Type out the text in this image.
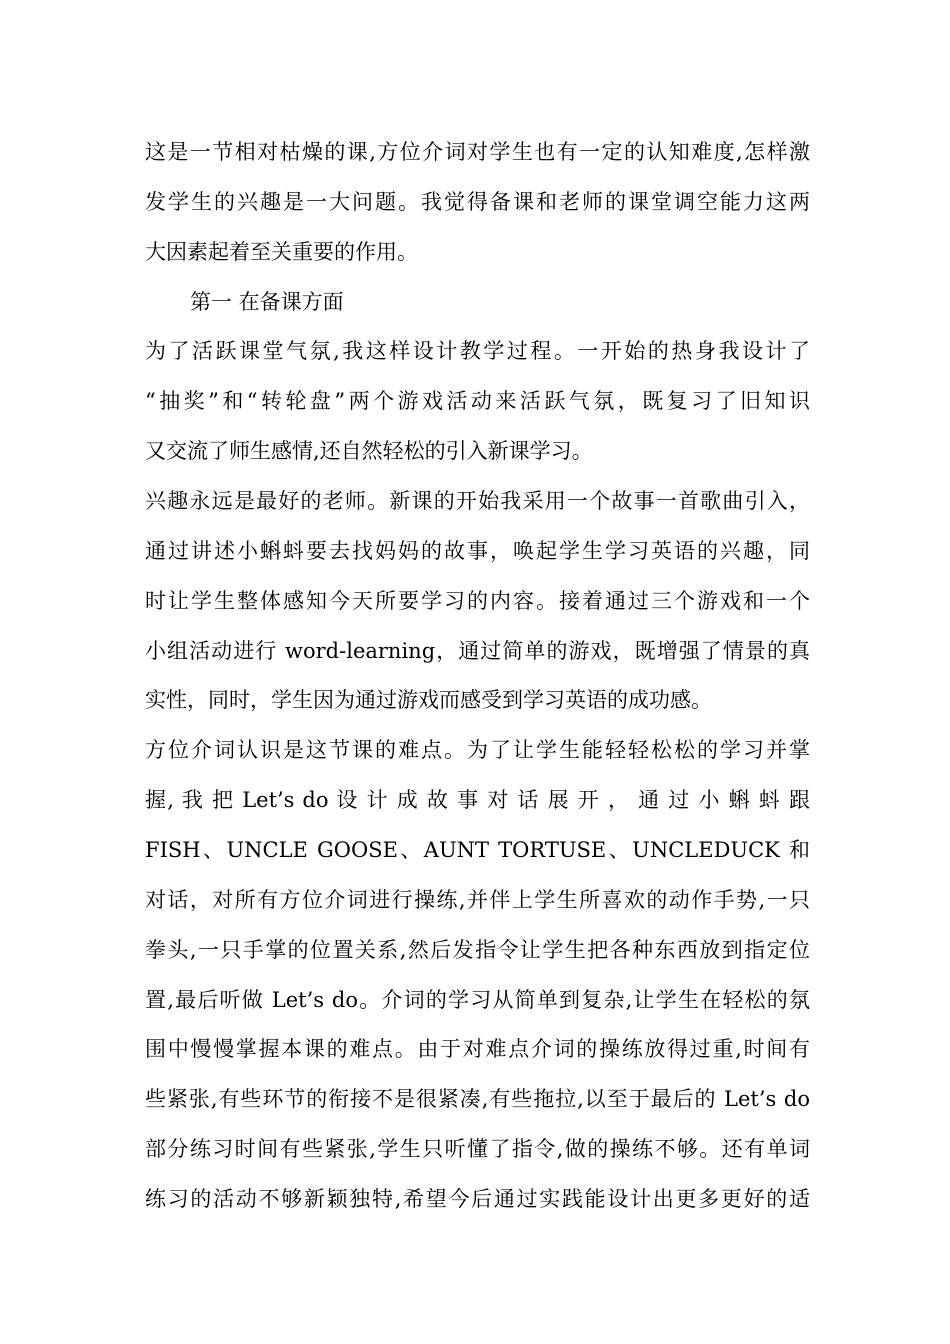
这是一节相对枯燥的课,方位介词对学生也有一定的认知难度,怎样激
发学生的兴趣是一大问题。我觉得备课和老师的课堂调空能力这两
大因素起着至关重要的作用。
第一 在备课方面
为了活跃课堂气氛,我这样设计教学过程。一开始的热身我设计了
“抽奖”和“转轮盘”两个游戏活动来活跃气氛，既复习了旧知识
又交流了师生感情,还自然轻松的引入新课学习。
兴趣永远是最好的老师。新课的开始我采用一个故事一首歌曲引入，
通过讲述小蝌蚪要去找妈妈的故事，唤起学生学习英语的兴趣，同
时让学生整体感知今天所要学习的内容。接着通过三个游戏和一个
小组活动进行 word-learning，通过简单的游戏，既增强了情景的真
实性，同时，学生因为通过游戏而感受到学习英语的成功感。
方位介词认识是这节课的难点。为了让学生能轻轻松松的学习并掌
握, 我 把 Let’s do 设 计 成 故 事 对 话 展 开 ， 通 过 小 蝌 蚪 跟
FISH、UNCLE GOOSE、AUNT TORTUSE、UNCLEDUCK 和
对话，对所有方位介词进行操练,并伴上学生所喜欢的动作手势,一只
拳头,一只手掌的位置关系,然后发指令让学生把各种东西放到指定位
置,最后听做 Let’s do。介词的学习从简单到复杂,让学生在轻松的氛
围中慢慢掌握本课的难点。由于对难点介词的操练放得过重,时间有
些紧张,有些环节的衔接不是很紧凑,有些拖拉,以至于最后的 Let’s do
部分练习时间有些紧张,学生只听懂了指令,做的操练不够。还有单词
练习的活动不够新颖独特,希望今后通过实践能设计出更多更好的适
